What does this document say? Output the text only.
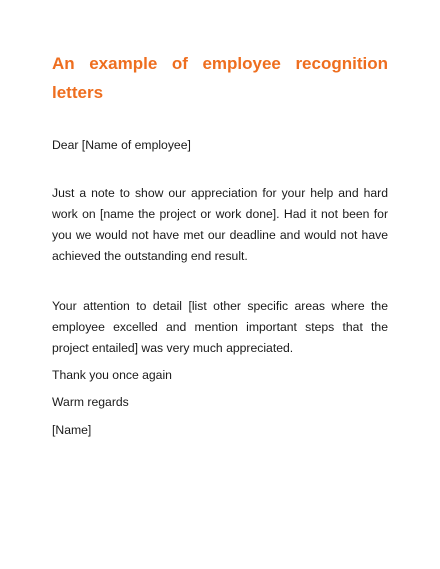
An example of employee recognition letters

Dear [Name of employee]

Just a note to show our appreciation for your help and hard work on [name the project or work done]. Had it not been for you we would not have met our deadline and would not have achieved the outstanding end result.

Your attention to detail [list other specific areas where the employee excelled and mention important steps that the project entailed] was very much appreciated.

Thank you once again

Warm regards

[Name]
